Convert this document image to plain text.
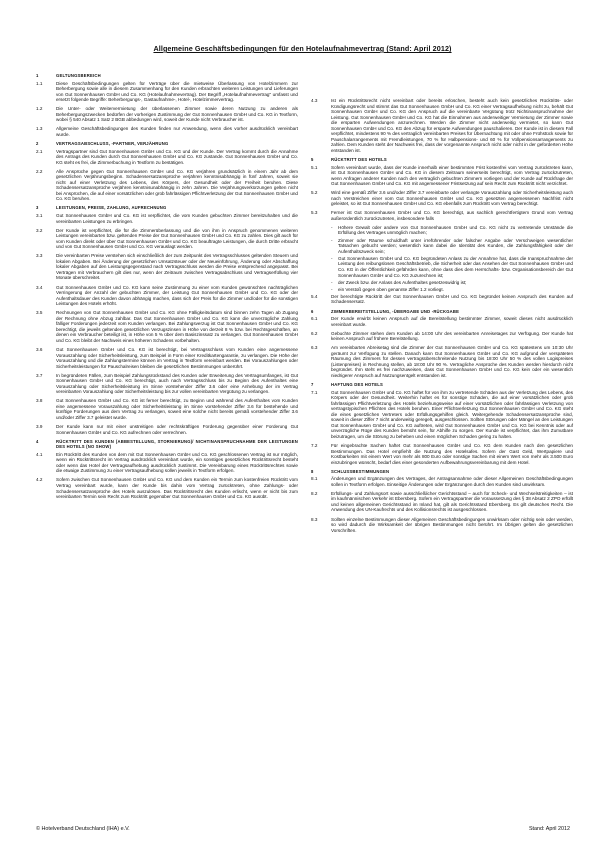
Allgemeine Geschäftsbedingungen für den Hotelaufnahmevertrag (Stand: April 2012)
1	GELTUNGSBEREICH
1.1	Diese Geschäftsbedingungen gelten für Verträge über die mietweise Überlassung von Hotelzimmern zur Beherbergung sowie alle in diesem Zusammenhang für den Kunden erbrachten weiteren Leistungen und Lieferungen von Gut Sonnenhausen GmbH und Co. KG (Hotelaufnahmevertrag). Der Begriff „Hotelaufnahmevertrag" umfasst und ersetzt folgende Begriffe: Beherbergungs-, Gastaufnahme-, Hotel-, Hotelzimmervertrag.
1.2	Die Unter- oder Weitervermietung der überlassenen Zimmer sowie deren Nutzung zu anderen als Beherbergungszwecken bedürfen der vorherigen Zustimmung der Gut Sonnenhausen GmbH und Co. KG in Textform, wobei § 540 Absatz 1 Satz 2 BGB abbedungen wird, soweit der Kunde nicht Verbraucher ist.
1.3	Allgemeine Geschäftsbedingungen des Kunden finden nur Anwendung, wenn dies vorher ausdrücklich vereinbart wurde.
2	VERTRAGSABSCHLUSS, -PARTNER, VERJÄHRUNG
2.1	Vertragspartner sind Gut Sonnenhausen GmbH und Co. KG und der Kunde. Der Vertrag kommt durch die Annahme des Antrags des Kunden durch Gut Sonnenhausen GmbH und Co. KG zustande. Gut Sonnenhausen GmbH und Co. KG steht es frei, die Zimmerbuchung in Textform zu bestätigen.
2.2	Alle Ansprüche gegen Gut Sonnenhausen GmbH und Co. KG verjähren grundsätzlich in einem Jahr ab dem gesetzlichen Verjährungsbeginn. Schadensersatzansprüche verjähren kenntnisabhängig in fünf Jahren, soweit sie nicht auf einer Verletzung des Lebens, des Körpers, der Gesundheit oder der Freiheit beruhen. Diese Schadensersatzansprüche verjähren kenntnisunabhängig in zehn Jahren. Die Verjährungsverkürzungen gelten nicht bei Ansprüchen, die auf einer vorsätzlichen oder grob fahrlässigen Pflichtverletzung der Gut Sonnenhausen GmbH und Co. KG beruhen.
3	LEISTUNGEN, PREISE, ZAHLUNG, AUFRECHNUNG
3.1	Gut Sonnenhausen GmbH und Co. KG ist verpflichtet, die vom Kunden gebuchten Zimmer bereitzuhalten und die vereinbarten Leistungen zu erbringen.
3.2	Der Kunde ist verpflichtet, die für die Zimmerüberlassung und die von ihm in Anspruch genommenen weiteren Leistungen vereinbarten bzw. geltenden Preise der Gut Sonnenhausen GmbH und Co. KG zu zahlen. Dies gilt auch für vom Kunden direkt oder über Gut Sonnenhausen GmbH und Co. KG beauftragte Leistungen, die durch Dritte erbracht und von Gut Sonnenhausen GmbH und Co. KG verauslagt werden.
3.3	Die vereinbarten Preise verstehen sich einschließlich der zum Zeitpunkt des Vertragsschlusses geltenden Steuern und lokalen Abgaben. Bei Änderung der gesetzlichen Umsatzsteuer oder der Neueinführung, Änderung oder Abschaffung lokaler Abgaben auf den Leistungsgegenstand nach Vertragsschluss werden die Preise entsprechend angepasst. Bei Verträgen mit Verbrauchern gilt dies nur, wenn der Zeitraum zwischen Vertragsabschluss und Vertragserfüllung vier Monate überschreitet.
3.4	Gut Sonnenhausen GmbH und Co. KG kann seine Zustimmung zu einer vom Kunden gewünschten nachträglichen Verringerung der Anzahl der gebuchten Zimmer, der Leistung Gut Sonnenhausen GmbH und Co. KG oder der Aufenthaltsdauer des Kunden davon abhängig machen, dass sich der Preis für die Zimmer und/oder für die sonstigen Leistungen des Hotels erhöht.
3.5	Rechnungen von Gut Sonnenhausen GmbH und Co. KG ohne Fälligkeitsdatum sind binnen zehn Tagen ab Zugang der Rechnung ohne Abzug zahlbar. Das Gut Sonnenhausen GmbH und Co. KG kann die unverzügliche Zahlung fälliger Forderungen jederzeit vom Kunden verlangen. Bei Zahlungsverzug ist Gut Sonnenhausen GmbH und Co. KG berechtigt, die jeweils geltenden gesetzlichen Verzugszinsen in Höhe von derzeit 8 % bzw. bei Rechtsgeschäften, an denen ein Verbraucher beteiligt ist, in Höhe von 5 % über dem Basiszinssatz zu verlangen. Gut Sonnenhausen GmbH und Co. KG bleibt der Nachweis eines höheren Schadens vorbehalten.
3.6	Gut Sonnenhausen GmbH und Co. KG ist berechtigt, bei Vertragsschluss vom Kunden eine angemessene Vorauszahlung oder Sicherheitsleistung, zum Beispiel in Form einer Kreditkartengarantie, zu verlangen. Die Höhe der Vorauszahlung und die Zahlungstermine können im Vertrag in Textform vereinbart werden. Bei Vorauszahlungen oder Sicherheitsleistungen für Pauschalreisen bleiben die gesetzlichen Bestimmungen unberührt.
3.7	In begründeten Fällen, zum Beispiel Zahlungsrückstand des Kunden oder Erweiterung des Vertragsumfanges, ist Gut Sonnenhausen GmbH und Co. KG berechtigt, auch nach Vertragsschluss bis zu Beginn des Aufenthaltes eine Vorauszahlung oder Sicherheitsleistung im Sinne vorstehender Ziffer 3.6 oder eine Anhebung der im Vertrag vereinbarten Vorauszahlung oder Sicherheitsleistung bis zur vollen vereinbarten Vergütung zu verlangen.
3.8	Gut Sonnenhausen GmbH und Co. KG ist ferner berechtigt, zu Beginn und während des Aufenthaltes vom Kunden eine angemessene Vorauszahlung oder Sicherheitsleistung im Sinne vorstehender Ziffer 3.6 für bestehende und künftige Forderungen aus dem Vertrag zu verlangen, soweit eine solche nicht bereits gemäß vorstehender Ziffer 3.6 und/oder Ziffer 3.7 geleistet wurde.
3.9	Der Kunde kann nur mit einer unstreitigen oder rechtskräftigen Forderung gegenüber einer Forderung Gut Sonnenhausen GmbH und Co. KG aufrechnen oder verrechnen.
4	RÜCKTRITT DES KUNDEN (ABBESTELLUNG, STORNIERUNG)/ NICHTINANSPRUCHNAHME DER LEISTUNGEN DES HOTELS (NO SHOW)
4.1	Ein Rücktritt des Kunden von dem mit Gut Sonnenhausen GmbH und Co. KG geschlossenen Vertrag ist nur möglich, wenn ein Rücktrittsrecht im Vertrag ausdrücklich vereinbart wurde, ein sonstiges gesetzliches Rücktrittsrecht besteht oder wenn das Hotel der Vertragsaufhebung ausdrücklich zustimmt. Die Vereinbarung eines Rücktrittsrechtes sowie die etwaige Zustimmung zu einer Vertragsaufhebung sollen jeweils in Textform erfolgen.
4.2	Sofern zwischen Gut Sonnenhausen GmbH und Co. KG und dem Kunden ein Termin zum kostenfreien Rücktritt vom Vertrag vereinbart wurde, kann der Kunde bis dahin vom Vertrag zurücktreten, ohne Zahlungs- oder Schadensersatzansprüche des Hotels auszulösen. Das Rücktrittsrecht des Kunden erlischt, wenn er nicht bis zum vereinbarten Termin sein Recht zum Rücktritt gegenüber Gut Sonnenhausen GmbH und Co. KG ausübt.
4.3	Ist ein Rücktrittsrecht nicht vereinbart oder bereits erloschen, besteht auch kein gesetzliches Rücktritts- oder Kündigungsrecht und stimmt das Gut Sonnenhausen GmbH und Co. KG einer Vertragsaufhebung nicht zu, behält Gut Sonnenhausen GmbH und Co. KG den Anspruch auf die vereinbarte Vergütung trotz Nichtinanspruchnahme der Leistung. Gut Sonnenhausen GmbH und Co. KG hat die Einnahmen aus anderweitiger Vermietung der Zimmer sowie die ersparten Aufwendungen anzurechnen. Werden die Zimmer nicht anderweitig vermietet, so kann Gut Sonnenhausen GmbH und Co. KG den Abzug für ersparte Aufwendungen pauschalieren. Der Kunde ist in diesem Fall verpflichtet, mindestens 90 % des vertraglich vereinbarten Preises für Übernachtung mit oder ohne Frühstück sowie für Pauschalarrangements mit Fremdleistungen, 70 % für Halbpensions- und 60 % für Vollpensionsarrangements zu zahlen. Dem Kunden steht der Nachweis frei, dass der vorgenannte Anspruch nicht oder nicht in der geforderten Höhe entstanden ist.
5	RÜCKTRITT DES HOTELS
5.1	Sofern vereinbart wurde, dass der Kunde innerhalb einer bestimmten Frist kostenfrei vom Vertrag zurücktreten kann, ist Gut Sonnenhausen GmbH und Co. KG in diesem Zeitraum seinerseits berechtigt, vom Vertrag zurückzutreten, wenn Anfragen anderer Kunden nach den vertraglich gebuchten Zimmern vorliegen und der Kunde auf Rückfrage der Gut Sonnenhausen GmbH und Co. KG mit angemessener Fristsetzung auf sein Recht zum Rücktritt nicht verzichtet.
5.2	Wird eine gemäß Ziffer 3.6 und/oder Ziffer 3.7 vereinbarte oder verlangte Vorauszahlung oder Sicherheitsleistung auch nach Verstreichen einer vom Gut Sonnenhausen GmbH und Co. KG gesetzten angemessenen Nachfrist nicht geleistet, so ist Gut Sonnenhausen GmbH und Co. KG ebenfalls zum Rücktritt vom Vertrag berechtigt.
5.3	Ferner ist Gut Sonnenhausen GmbH und Co. KG berechtigt, aus sachlich gerechtfertigtem Grund vom Vertrag außerordentlich zurückzutreten, insbesondere falls
-	Höhere Gewalt oder andere von Gut Sonnenhausen GmbH und Co. KG nicht zu vertretende Umstände die Erfüllung des Vertrages unmöglich machen;
-	Zimmer oder Räume schuldhaft unter irreführender oder falscher Angabe oder Verschweigen wesentlicher Tatsachen gebucht werden; wesentlich kann dabei die Identität des Kunden, die Zahlungsfähigkeit oder der Aufenthaltszweck sein;
-	Gut Sonnenhausen GmbH und Co. KG begründeten Anlass zu der Annahme hat, dass die Inanspruchnahme der Leistung den reibungslosen Geschäftsbetrieb, die Sicherheit oder das Ansehen der Gut Sonnenhausen GmbH und Co. KG in der Öffentlichkeit gefährden kann, ohne dass dies dem Herrschafts- bzw. Organisationsbereich der Gut Sonnenhausen GmbH und Co. KG zuzurechnen ist;
-	der Zweck bzw. der Anlass des Aufenthaltes gesetzeswidrig ist;
-	ein Verstoß gegen oben genannte Ziffer 1.2 vorliegt.
5.4	Der berechtigte Rücktritt der Gut Sonnenhausen GmbH und Co. KG begründet keinen Anspruch des Kunden auf Schadensersatz.
6	ZIMMERBEREITSTELLUNG, -ÜBERGABE UND -RÜCKGABE
6.1	Der Kunde erwirbt keinen Anspruch auf die Bereitstellung bestimmter Zimmer, soweit dieses nicht ausdrücklich vereinbart wurde.
6.2	Gebuchte Zimmer stehen dem Kunden ab 14:00 Uhr des vereinbarten Anreisetages zur Verfügung. Der Kunde hat keinen Anspruch auf frühere Bereitstellung.
6.3	Am vereinbarten Abreisetag sind die Zimmer der Gut Sonnenhausen GmbH und Co. KG spätestens um 10:30 Uhr geräumt zur Verfügung zu stellen. Danach kann Gut Sonnenhausen GmbH und Co. KG aufgrund der verspäteten Räumung des Zimmers für dessen vertragsüberschreitende Nutzung bis 18:00 Uhr 50 % des vollen Logispreises (Listenpreises) in Rechnung stellen, ab 18:00 Uhr 90 %. Vertragliche Ansprüche des Kunden werden hierdurch nicht begründet. Ihm steht es frei nachzuweisen, dass Gut Sonnenhausen GmbH und Co. KG kein oder ein wesentlich niedrigerer Anspruch auf Nutzungsentgelt entstanden ist.
7	HAFTUNG DES HOTELS
7.1	Gut Sonnenhausen GmbH und Co. KG haftet für von ihm zu vertretende Schäden aus der Verletzung des Lebens, des Körpers oder der Gesundheit. Weiterhin haftet es für sonstige Schäden, die auf einer vorsätzlichen oder grob fahrlässigen Pflichtverletzung des Hotels beziehungsweise auf einer vorsätzlichen oder fahrlässigen Verletzung von vertragstypischen Pflichten des Hotels beruhen. Einer Pflichtverletzung Gut Sonnenhausen GmbH und Co. KG steht die eines gesetzlichen Vertreters oder Erfüllungsgehilfen gleich. Weitergehende Schadensersatzansprüche sind, soweit in dieser Ziffer 7 nicht anderweitig geregelt, ausgeschlossen. Sollten Störungen oder Mängel an den Leistungen Gut Sonnenhausen GmbH und Co. KG auftreten, wird Gut Sonnenhausen GmbH und Co. KG bei Kenntnis oder auf unverzügliche Rüge des Kunden bemüht sein, für Abhilfe zu sorgen. Der Kunde ist verpflichtet, das ihm Zumutbare beizutragen, um die Störung zu beheben und einen möglichen Schaden gering zu halten.
7.2	Für eingebrachte Sachen haftet Gut Sonnenhausen GmbH und Co. KG dem Kunden nach den gesetzlichen Bestimmungen. Das Hotel empfiehlt die Nutzung des Hotelsafes. Sofern der Gast Geld, Wertpapiere und Kostbarkeiten mit einem Wert von mehr als 800 Euro oder sonstige Sachen mit einem Wert von mehr als 3.500 Euro einzubringen wünscht, bedarf dies einer gesonderten Aufbewahrungsvereinbarung mit dem Hotel.
8	SCHLUSSBESTIMMUNGEN
8.1	Änderungen und Ergänzungen des Vertrages, der Antragsannahme oder dieser Allgemeinen Geschäftsbedingungen sollen in Textform erfolgen. Einseitige Änderungen oder Ergänzungen durch den Kunden sind unwirksam.
8.2	Erfüllungs- und Zahlungsort sowie ausschließlicher Gerichtsstand – auch für Scheck- und Wechselstreitigkeiten – ist im kaufmännischen Verkehr ist Ebersberg. Sofern ein Vertragspartner die Voraussetzung des § 38 Absatz 2 ZPO erfüllt und keinen allgemeinen Gerichtsstand im Inland hat, gilt als Gerichtsstand Ebersberg. Es gilt deutsches Recht. Die Anwendung des UN-Kaufrechts und des Kollisionsrechts ist ausgeschlossen.
8.3	Sollten einzelne Bestimmungen dieser Allgemeinen Geschäftsbedingungen unwirksam oder nichtig sein oder werden, so wird dadurch die Wirksamkeit der übrigen Bestimmungen nicht berührt. Im Übrigen gelten die gesetzlichen Vorschriften.
© Hotelverband Deutschland (IHA) e.V.	Stand: April 2012
